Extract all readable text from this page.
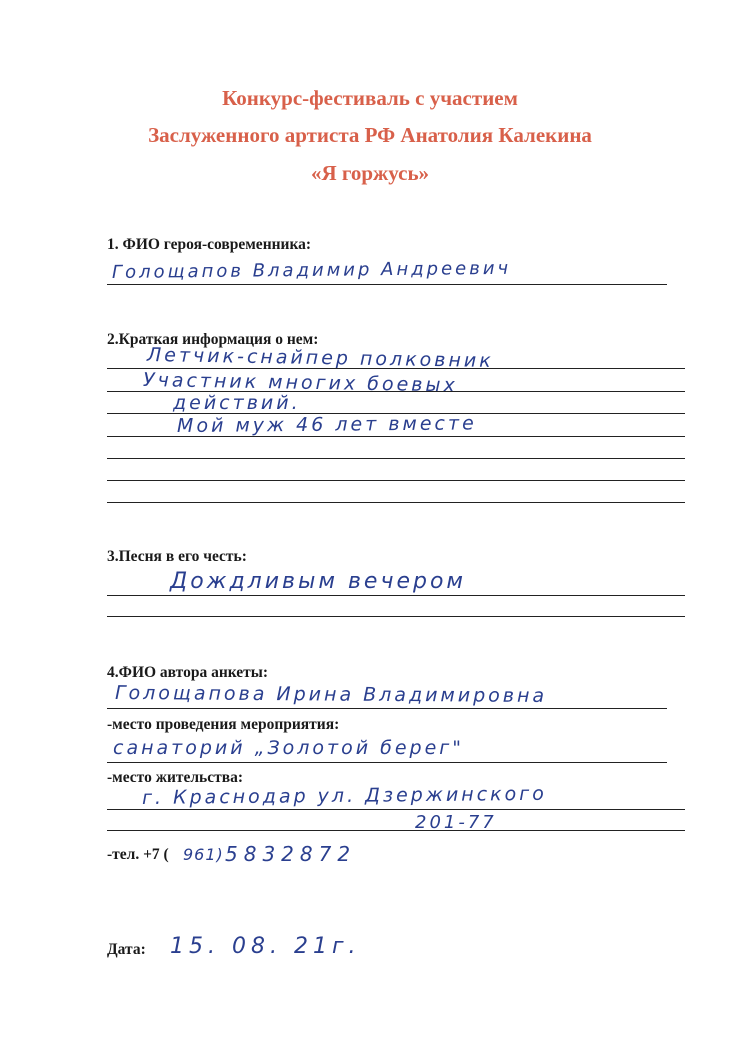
Конкурс-фестиваль с участием
Заслуженного артиста РФ Анатолия Калекина
«Я горжусь»
1. ФИО героя-современника:
Голощапов Владимир Андреевич
2.Краткая информация о нем:
Летчик-снайпер полковник
Участник многих боевых
действий.
Мой муж 46 лет вместе
3.Песня в его честь:
Дождливым вечером
4.ФИО автора анкеты:
Голощапова Ирина Владимировна
-место проведения мероприятия:
санаторий „Золотой берег"
-место жительства:
г. Краснодар ул. Дзержинского
201-77
-тел. +7 ( 961) 5832872
Дата: 15. 08. 21г.
